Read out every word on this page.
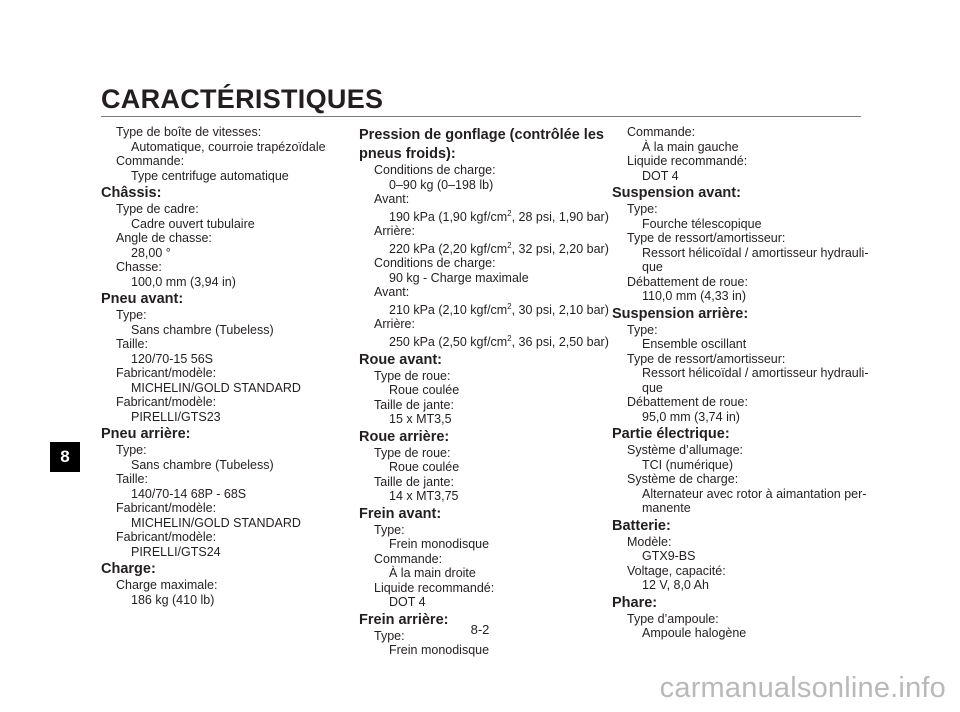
CARACTÉRISTIQUES
8
Type de boîte de vitesses:
Automatique, courroie trapézoïdale
Commande:
Type centrifuge automatique
Châssis:
Type de cadre:
Cadre ouvert tubulaire
Angle de chasse:
28,00 °
Chasse:
100,0 mm (3,94 in)
Pneu avant:
Type:
Sans chambre (Tubeless)
Taille:
120/70-15 56S
Fabricant/modèle:
MICHELIN/GOLD STANDARD
Fabricant/modèle:
PIRELLI/GTS23
Pneu arrière:
Type:
Sans chambre (Tubeless)
Taille:
140/70-14 68P - 68S
Fabricant/modèle:
MICHELIN/GOLD STANDARD
Fabricant/modèle:
PIRELLI/GTS24
Charge:
Charge maximale:
186 kg (410 lb)
Pression de gonflage (contrôlée les
pneus froids):
Conditions de charge:
0–90 kg (0–198 lb)
Avant:
190 kPa (1,90 kgf/$cm^2$, 28 psi, 1,90 bar)
Arrière:
220 kPa (2,20 kgf/$cm^2$, 32 psi, 2,20 bar)
Conditions de charge:
90 kg - Charge maximale
Avant:
210 kPa (2,10 kgf/$cm^2$, 30 psi, 2,10 bar)
Arrière:
250 kPa (2,50 kgf/$cm^2$, 36 psi, 2,50 bar)
Roue avant:
Type de roue:
Roue coulée
Taille de jante:
15 x MT3,5
Roue arrière:
Type de roue:
Roue coulée
Taille de jante:
14 x MT3,75
Frein avant:
Type:
Frein monodisque
Commande:
À la main droite
Liquide recommandé:
DOT 4
Frein arrière:
Type:
Frein monodisque
Commande:
À la main gauche
Liquide recommandé:
DOT 4
Suspension avant:
Type:
Fourche télescopique
Type de ressort/amortisseur:
Ressort hélicoïdal / amortisseur hydrauli-
que
Débattement de roue:
110,0 mm (4,33 in)
Suspension arrière:
Type:
Ensemble oscillant
Type de ressort/amortisseur:
Ressort hélicoïdal / amortisseur hydrauli-
que
Débattement de roue:
95,0 mm (3,74 in)
Partie électrique:
Système d’allumage:
TCI (numérique)
Système de charge:
Alternateur avec rotor à aimantation per-
manente
Batterie:
Modèle:
GTX9-BS
Voltage, capacité:
12 V, 8,0 Ah
Phare:
Type d’ampoule:
Ampoule halogène
8-2
carmanualsonline.info
